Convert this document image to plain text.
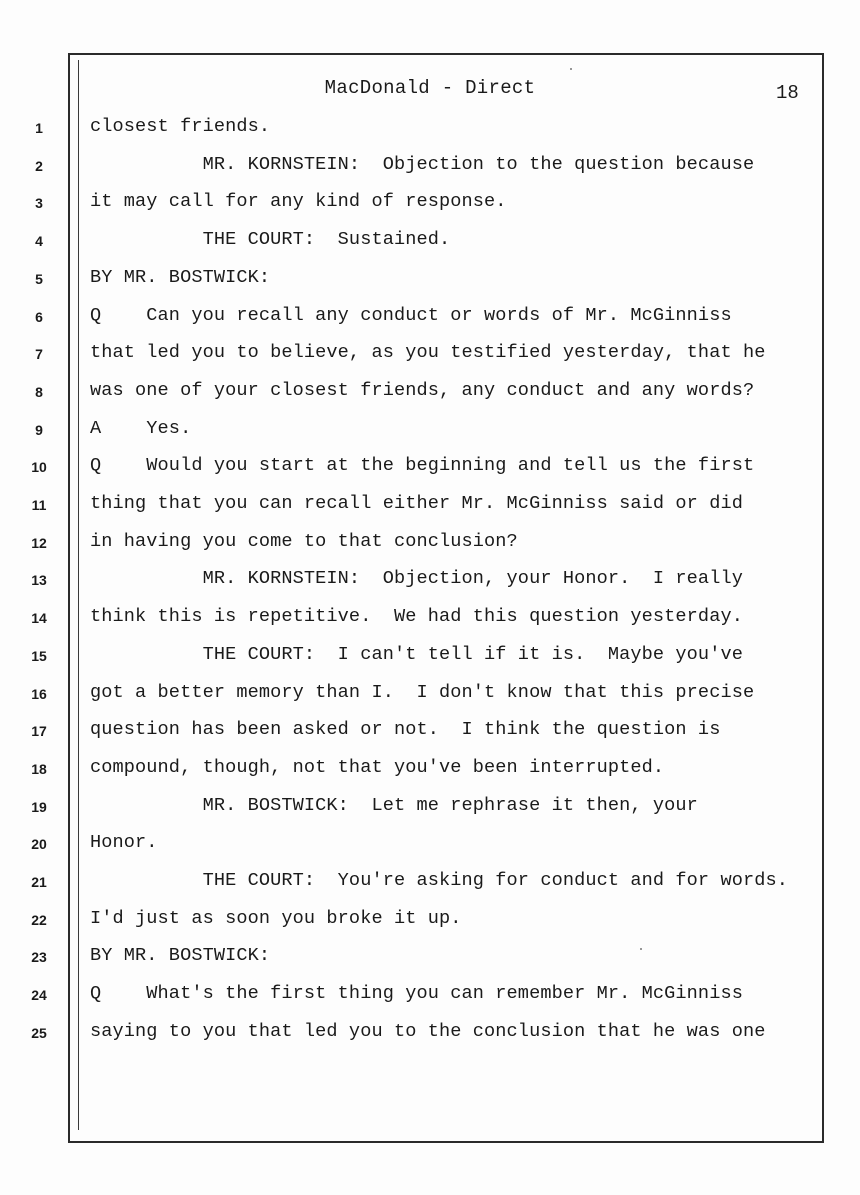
MacDonald - Direct	18
1	closest friends.
2	MR. KORNSTEIN:  Objection to the question because
3	it may call for any kind of response.
4	THE COURT:  Sustained.
5	BY MR. BOSTWICK:
6	Q    Can you recall any conduct or words of Mr. McGinniss
7	that led you to believe, as you testified yesterday, that he
8	was one of your closest friends, any conduct and any words?
9	A    Yes.
10	Q    Would you start at the beginning and tell us the first
11	thing that you can recall either Mr. McGinniss said or did
12	in having you come to that conclusion?
13	MR. KORNSTEIN:  Objection, your Honor.  I really
14	think this is repetitive.  We had this question yesterday.
15	THE COURT:  I can't tell if it is.  Maybe you've
16	got a better memory than I.  I don't know that this precise
17	question has been asked or not.  I think the question is
18	compound, though, not that you've been interrupted.
19	MR. BOSTWICK:  Let me rephrase it then, your
20	Honor.
21	THE COURT:  You're asking for conduct and for words.
22	I'd just as soon you broke it up.
23	BY MR. BOSTWICK:
24	Q    What's the first thing you can remember Mr. McGinniss
25	saying to you that led you to the conclusion that he was one
